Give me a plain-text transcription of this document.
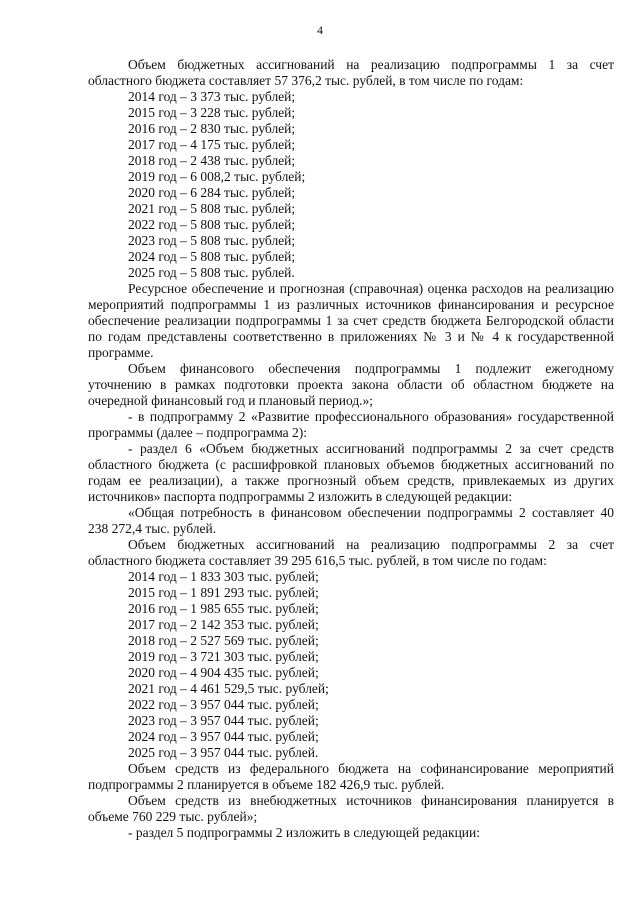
4

Объем бюджетных ассигнований на реализацию подпрограммы 1 за счет областного бюджета составляет 57 376,2 тыс. рублей, в том числе по годам:

2014 год – 3 373 тыс. рублей;

2015 год – 3 228 тыс. рублей;

2016 год – 2 830 тыс. рублей;

2017 год – 4 175 тыс. рублей;

2018 год – 2 438 тыс. рублей;

2019 год – 6 008,2 тыс. рублей;

2020 год – 6 284 тыс. рублей;

2021 год – 5 808 тыс. рублей;

2022 год – 5 808 тыс. рублей;

2023 год – 5 808 тыс. рублей;

2024 год – 5 808 тыс. рублей;

2025 год – 5 808 тыс. рублей.

Ресурсное обеспечение и прогнозная (справочная) оценка расходов на реализацию мероприятий подпрограммы 1 из различных источников финансирования и ресурсное обеспечение реализации подпрограммы 1 за счет средств бюджета Белгородской области по годам представлены соответственно в приложениях № 3 и № 4 к государственной программе.

Объем финансового обеспечения подпрограммы 1 подлежит ежегодному уточнению в рамках подготовки проекта закона области об областном бюджете на очередной финансовый год и плановый период.»;

- в подпрограмму 2 «Развитие профессионального образования» государственной программы (далее – подпрограмма 2):

- раздел 6 «Объем бюджетных ассигнований подпрограммы 2 за счет средств областного бюджета (с расшифровкой плановых объемов бюджетных ассигнований по годам ее реализации), а также прогнозный объем средств, привлекаемых из других источников» паспорта подпрограммы 2 изложить в следующей редакции:

«Общая потребность в финансовом обеспечении подпрограммы 2 составляет 40 238 272,4 тыс. рублей.

Объем бюджетных ассигнований на реализацию подпрограммы 2 за счет областного бюджета составляет 39 295 616,5 тыс. рублей, в том числе по годам:

2014 год – 1 833 303 тыс. рублей;

2015 год – 1 891 293 тыс. рублей;

2016 год – 1 985 655 тыс. рублей;

2017 год – 2 142 353 тыс. рублей;

2018 год – 2 527 569 тыс. рублей;

2019 год – 3 721 303 тыс. рублей;

2020 год – 4 904 435 тыс. рублей;

2021 год – 4 461 529,5 тыс. рублей;

2022 год – 3 957 044 тыс. рублей;

2023 год – 3 957 044 тыс. рублей;

2024 год – 3 957 044 тыс. рублей;

2025 год – 3 957 044 тыс. рублей.

Объем средств из федерального бюджета на софинансирование мероприятий подпрограммы 2 планируется в объеме 182 426,9 тыс. рублей.

Объем средств из внебюджетных источников финансирования планируется в объеме 760 229 тыс. рублей»;

- раздел 5 подпрограммы 2 изложить в следующей редакции:
